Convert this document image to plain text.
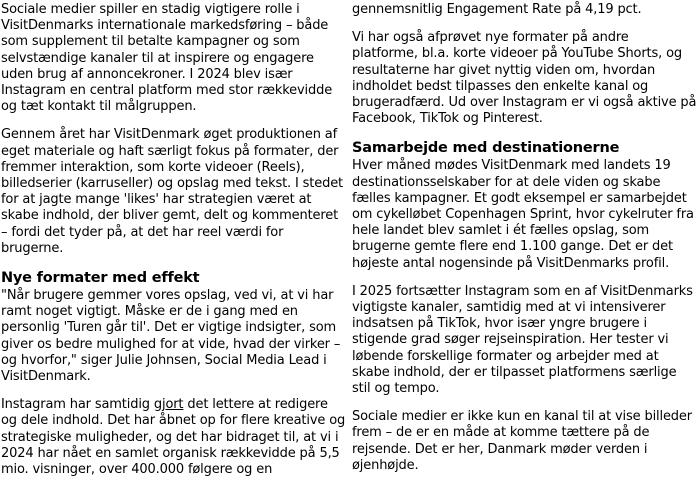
Sociale medier spiller en stadig vigtigere rolle i VisitDenmarks internationale markedsføring – både som supplement til betalte kampagner og som selvstændige kanaler til at inspirere og engagere uden brug af annoncekroner. I 2024 blev især Instagram en central platform med stor rækkevidde og tæt kontakt til målgruppen.

Gennem året har VisitDenmark øget produktionen af eget materiale og haft særligt fokus på formater, der fremmer interaktion, som korte videoer (Reels), billedserier (karruseller) og opslag med tekst. I stedet for at jagte mange 'likes' har strategien været at skabe indhold, der bliver gemt, delt og kommenteret – fordi det tyder på, at det har reel værdi for brugerne.

Nye formater med effekt

"Når brugere gemmer vores opslag, ved vi, at vi har ramt noget vigtigt. Måske er de i gang med en personlig 'Turen går til'. Det er vigtige indsigter, som giver os bedre mulighed for at vide, hvad der virker – og hvorfor," siger Julie Johnsen, Social Media Lead i VisitDenmark.

Instagram har samtidig gjort det lettere at redigere og dele indhold. Det har åbnet op for flere kreative og strategiske muligheder, og det har bidraget til, at vi i 2024 har nået en samlet organisk rækkevidde på 5,5 mio. visninger, over 400.000 følgere og en

gennemsnitlig Engagement Rate på 4,19 pct.

Vi har også afprøvet nye formater på andre platforme, bl.a. korte videoer på YouTube Shorts, og resultaterne har givet nyttig viden om, hvordan indholdet bedst tilpasses den enkelte kanal og brugeradfærd. Ud over Instagram er vi også aktive på Facebook, TikTok og Pinterest.

Samarbejde med destinationerne

Hver måned mødes VisitDenmark med landets 19 destinationsselskaber for at dele viden og skabe fælles kampagner. Et godt eksempel er samarbejdet om cykelløbet Copenhagen Sprint, hvor cykelruter fra hele landet blev samlet i ét fælles opslag, som brugerne gemte flere end 1.100 gange. Det er det højeste antal nogensinde på VisitDenmarks profil.

I 2025 fortsætter Instagram som en af VisitDenmarks vigtigste kanaler, samtidig med at vi intensiverer indsatsen på TikTok, hvor især yngre brugere i stigende grad søger rejseinspiration. Her tester vi løbende forskellige formater og arbejder med at skabe indhold, der er tilpasset platformens særlige stil og tempo.

Sociale medier er ikke kun en kanal til at vise billeder frem – de er en måde at komme tættere på de rejsende. Det er her, Danmark møder verden i øjenhøjde.
